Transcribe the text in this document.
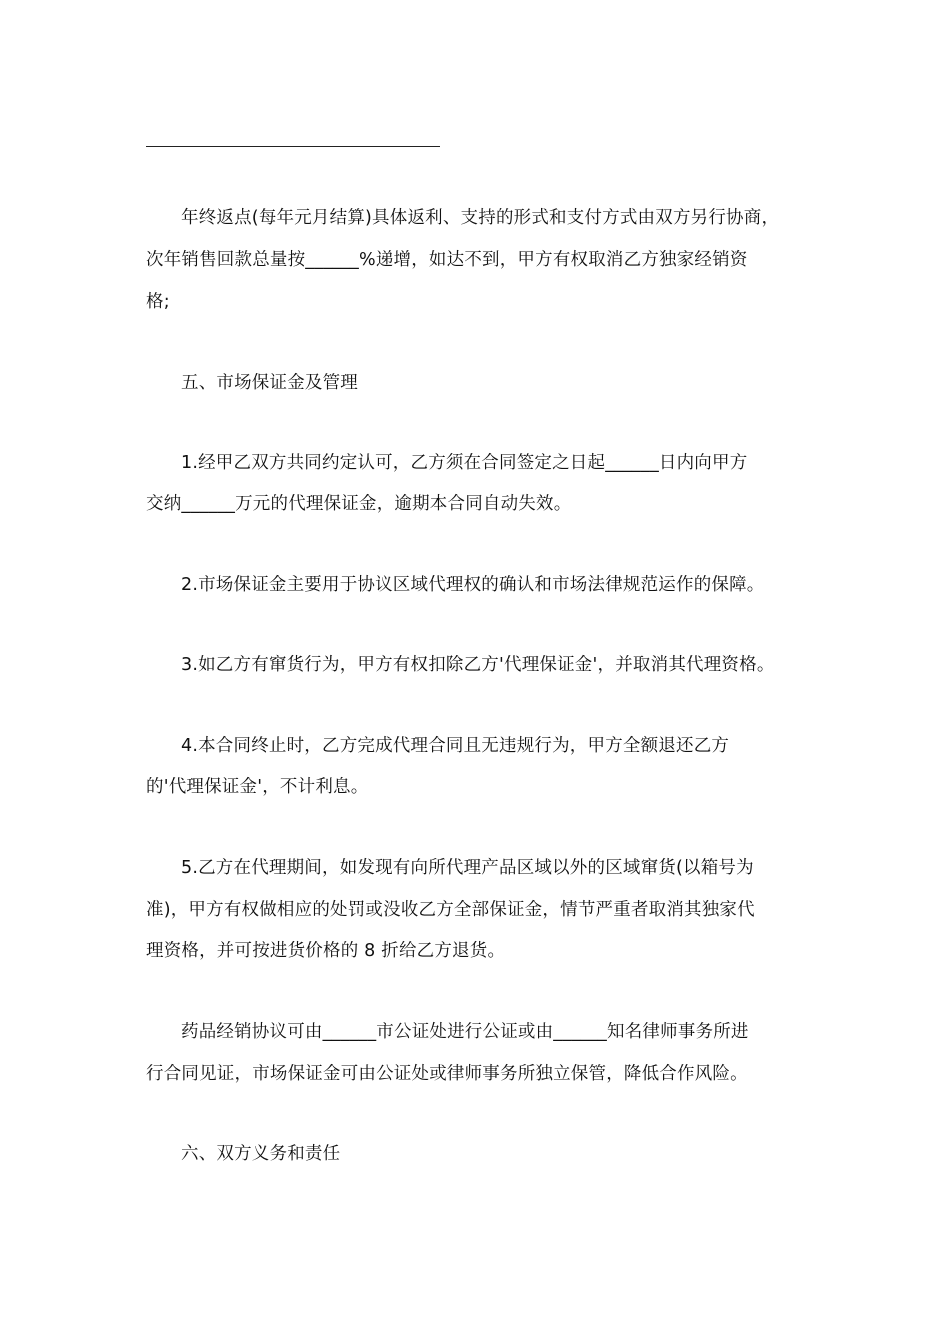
年终返点(每年元月结算)具体返利、支持的形式和支付方式由双方另行协商，
次年销售回款总量按______%递增，如达不到，甲方有权取消乙方独家经销资
格;
五、市场保证金及管理
1.经甲乙双方共同约定认可，乙方须在合同签定之日起______日内向甲方
交纳______万元的代理保证金，逾期本合同自动失效。
2.市场保证金主要用于协议区域代理权的确认和市场法律规范运作的保障。
3.如乙方有窜货行为，甲方有权扣除乙方'代理保证金'，并取消其代理资格。
4.本合同终止时，乙方完成代理合同且无违规行为，甲方全额退还乙方
的'代理保证金'，不计利息。
5.乙方在代理期间，如发现有向所代理产品区域以外的区域窜货(以箱号为
准)，甲方有权做相应的处罚或没收乙方全部保证金，情节严重者取消其独家代
理资格，并可按进货价格的 8 折给乙方退货。
药品经销协议可由______市公证处进行公证或由______知名律师事务所进
行合同见证，市场保证金可由公证处或律师事务所独立保管，降低合作风险。
六、双方义务和责任
